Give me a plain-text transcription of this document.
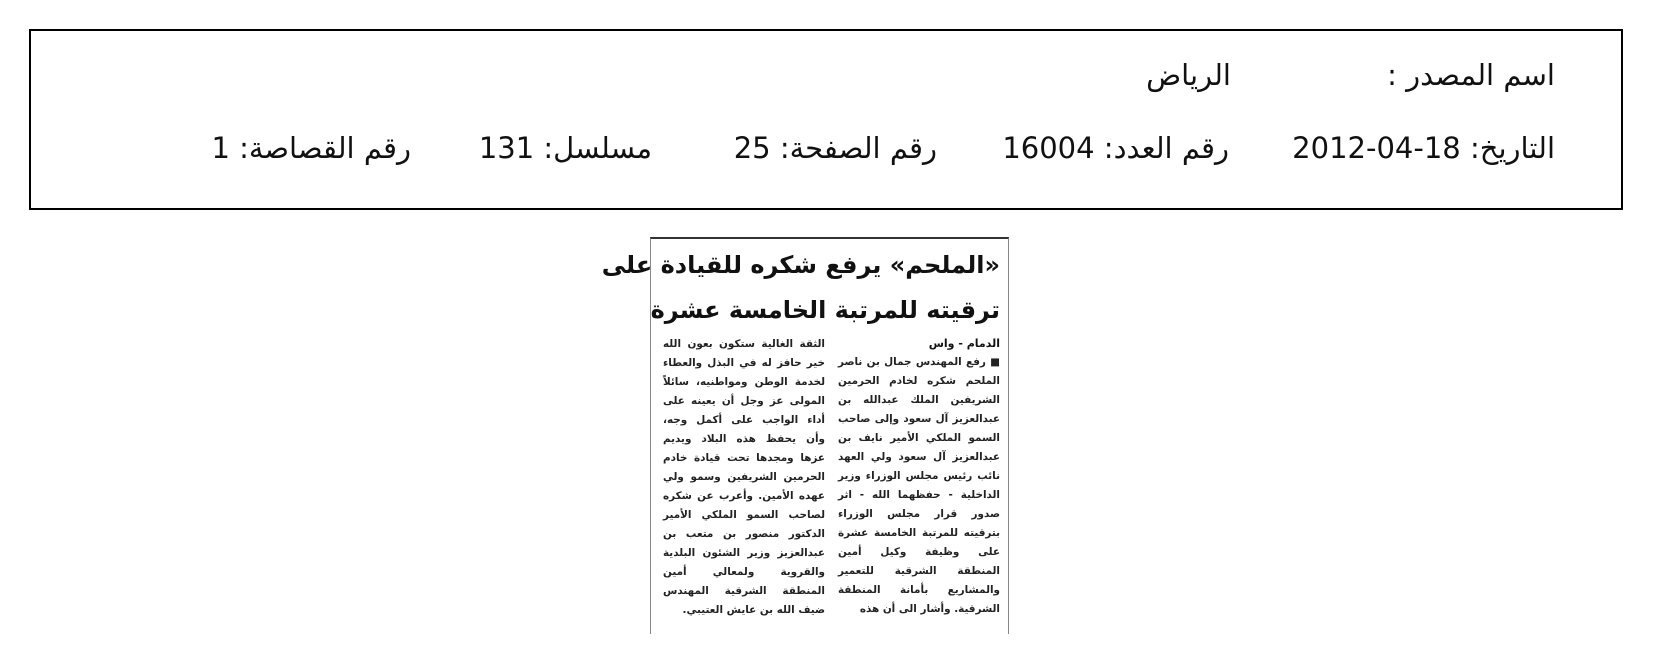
اسم المصدر :
الرياض
التاريخ: 18-04-2012
رقم العدد: 16004
رقم الصفحة: 25
مسلسل: 131
رقم القصاصة: 1
«الملحم» يرفع شكره للقيادة على
ترقيته للمرتبة الخامسة عشرة
الدمام - واس

■ رفع المهندس جمال بن ناصر الملحم شكره لخادم الحرمين الشريفين الملك عبدالله بن عبدالعزيز آل سعود وإلى صاحب السمو الملكي الأمير نايف بن عبدالعزيز آل سعود ولي العهد نائب رئيس مجلس الوزراء وزير الداخلية - حفظهما الله - اثر صدور قرار مجلس الوزراء بترقيته للمرتبة الخامسة عشرة على وظيفة وكيل أمين المنطقة الشرقية للتعمير والمشاريع بأمانة المنطقة الشرقية. وأشار الى أن هذه

الثقة الغالية ستكون بعون الله خير حافز له في البذل والعطاء لخدمة الوطن ومواطنيه، سائلاً المولى عز وجل أن يعينه على أداء الواجب على أكمل وجه، وأن يحفظ هذه البلاد ويديم عزها ومجدها تحت قيادة خادم الحرمين الشريفين وسمو ولي عهده الأمين. وأعرب عن شكره لصاحب السمو الملكي الأمير الدكتور منصور بن متعب بن عبدالعزيز وزير الشئون البلدية والقروية ولمعالي أمين المنطقة الشرقية المهندس ضيف الله بن عايش العتيبي.
